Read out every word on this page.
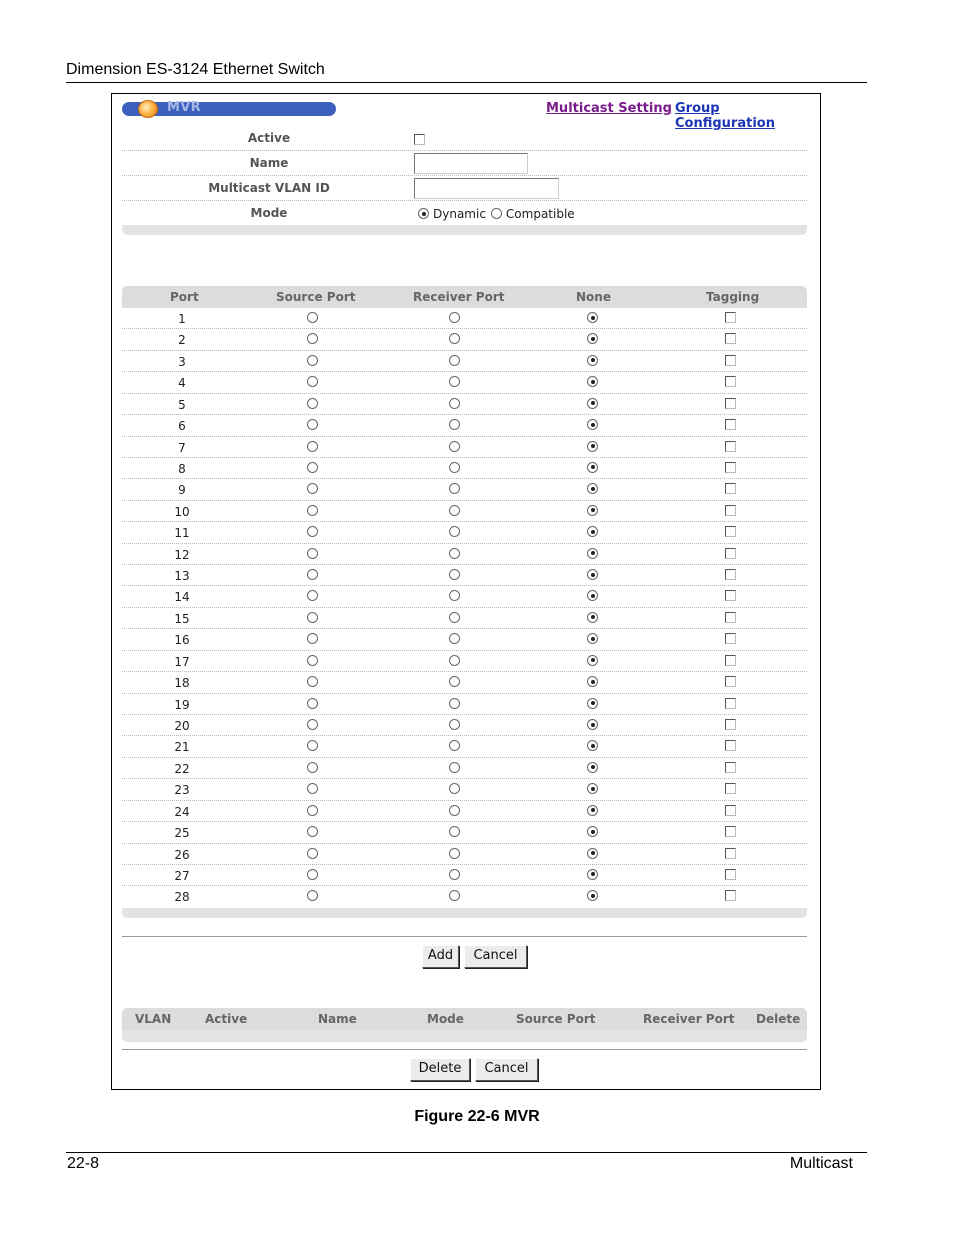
Dimension ES-3124 Ethernet Switch
MVR	Multicast Setting Group Configuration
Active
Name
Multicast VLAN ID
Mode	Dynamic Compatible
Port	Source Port	Receiver Port	None	Tagging
1
2
3
4
5
6
7
8
9
10
11
12
13
14
15
16
17
18
19
20
21
22
23
24
25
26
27
28
Add	Cancel
VLAN	Active	Name	Mode	Source Port	Receiver Port Delete
Delete	Cancel
Figure 22-6 MVR
22-8	Multicast
